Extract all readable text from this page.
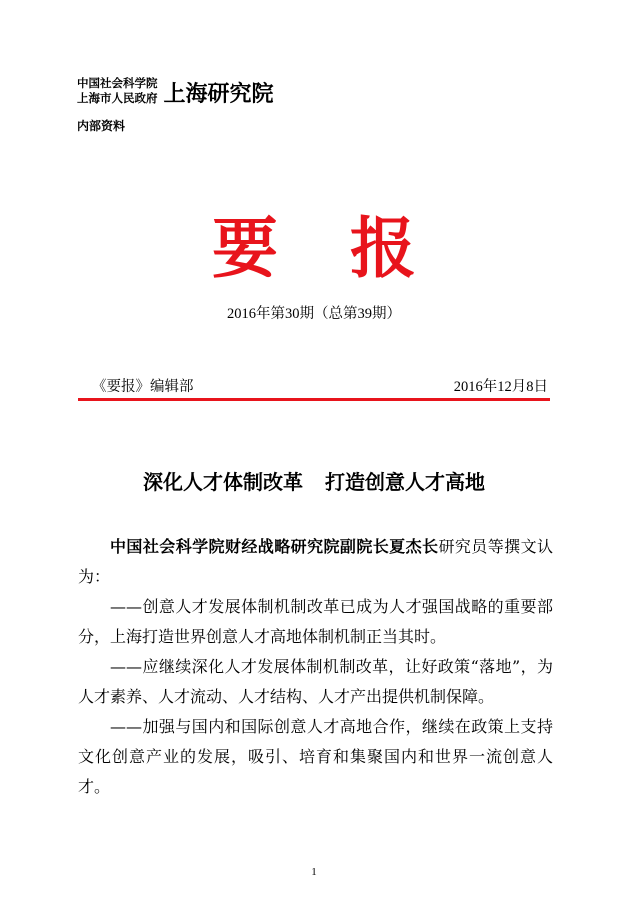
中国社会科学院
上海市人民政府 上海研究院
内部资料
要 报
2016年第30期（总第39期）
《要报》编辑部	2016年12月8日
深化人才体制改革 打造创意人才高地

中国社会科学院财经战略研究院副院长夏杰长研究员等撰文认为：

——创意人才发展体制机制改革已成为人才强国战略的重要部分，上海打造世界创意人才高地体制机制正当其时。

——应继续深化人才发展体制机制改革，让好政策“落地”，为人才素养、人才流动、人才结构、人才产出提供机制保障。

——加强与国内和国际创意人才高地合作，继续在政策上支持文化创意产业的发展，吸引、培育和集聚国内和世界一流创意人才。

1
